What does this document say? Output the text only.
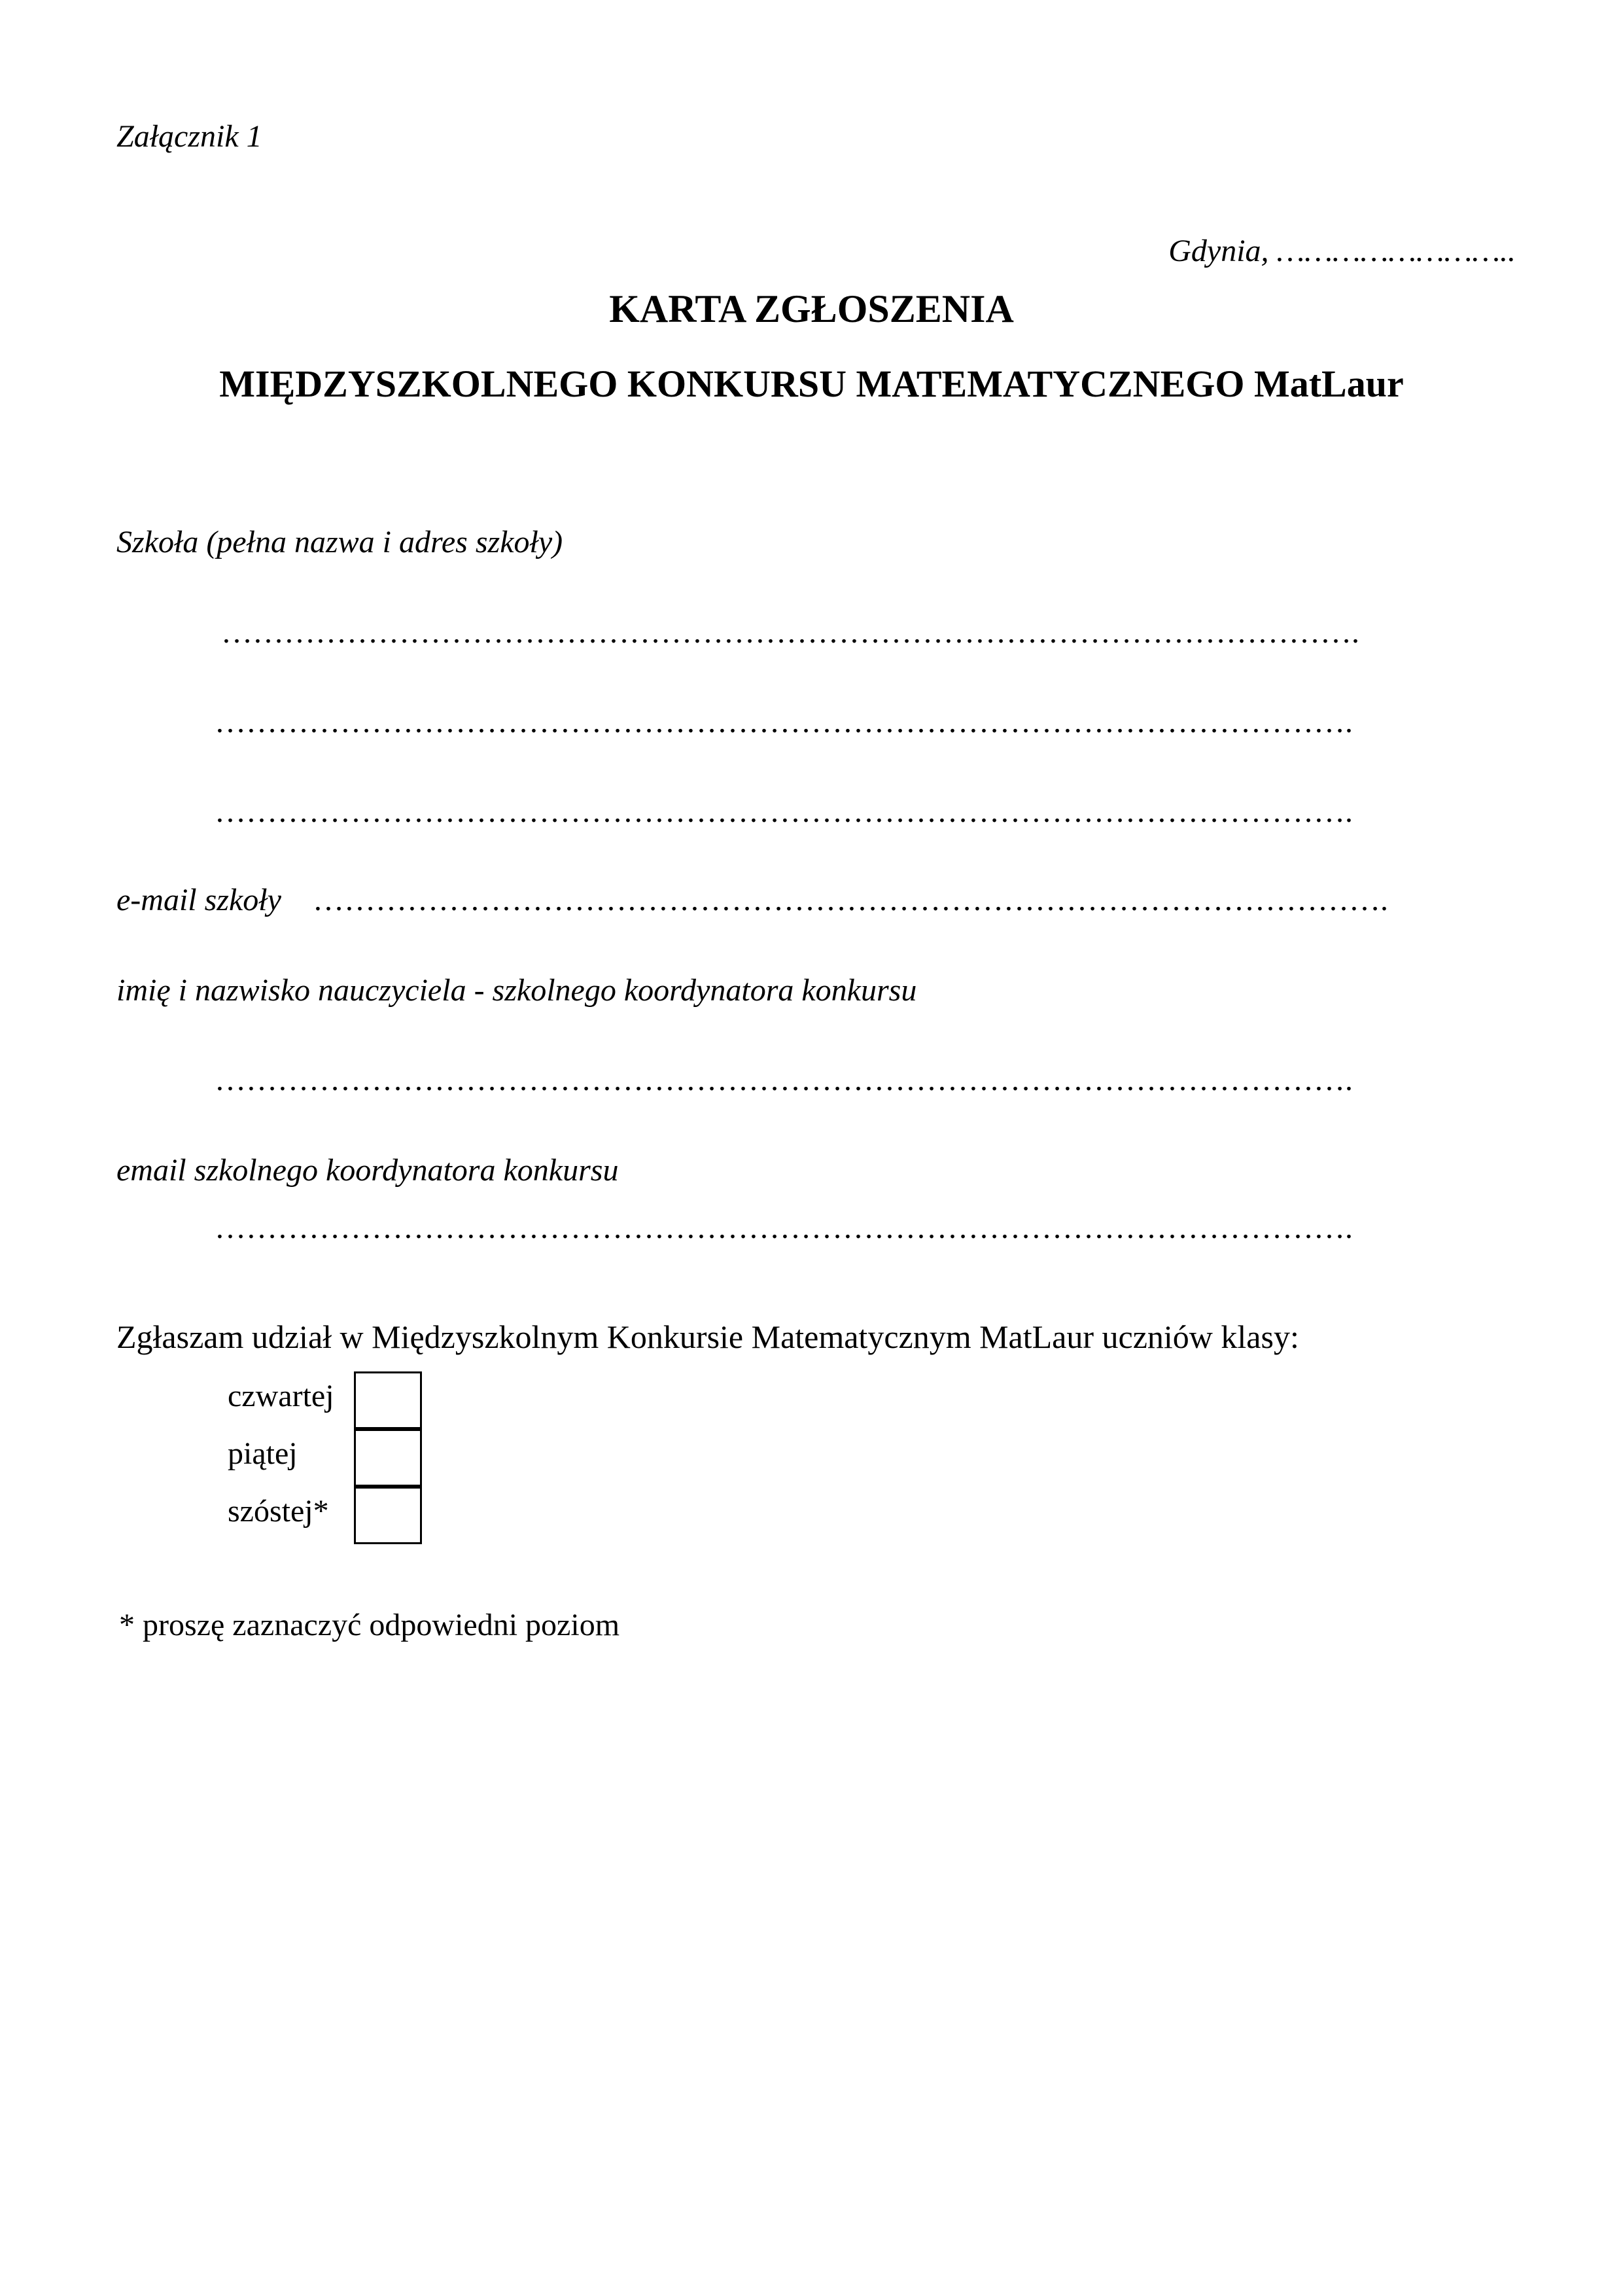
Załącznik 1
Gdynia, ……………………..
KARTA ZGŁOSZENIA
MIĘDZYSZKOLNEGO KONKURSU MATEMATYCZNEGO MatLaur
Szkoła (pełna nazwa i adres szkoły)
……………………………………………………………………………………………….
……………………………………………………………………………………………….
……………………………………………………………………………………………….
e-mail szkoły ………………………………………………………………………………………….
imię i nazwisko nauczyciela - szkolnego koordynatora konkursu
……………………………………………………………………………………………….
email szkolnego koordynatora konkursu
……………………………………………………………………………………………….
Zgłaszam udział w Międzyszkolnym Konkursie Matematycznym MatLaur uczniów klasy:
czwartej
piątej
szóstej*
* proszę zaznaczyć odpowiedni poziom
